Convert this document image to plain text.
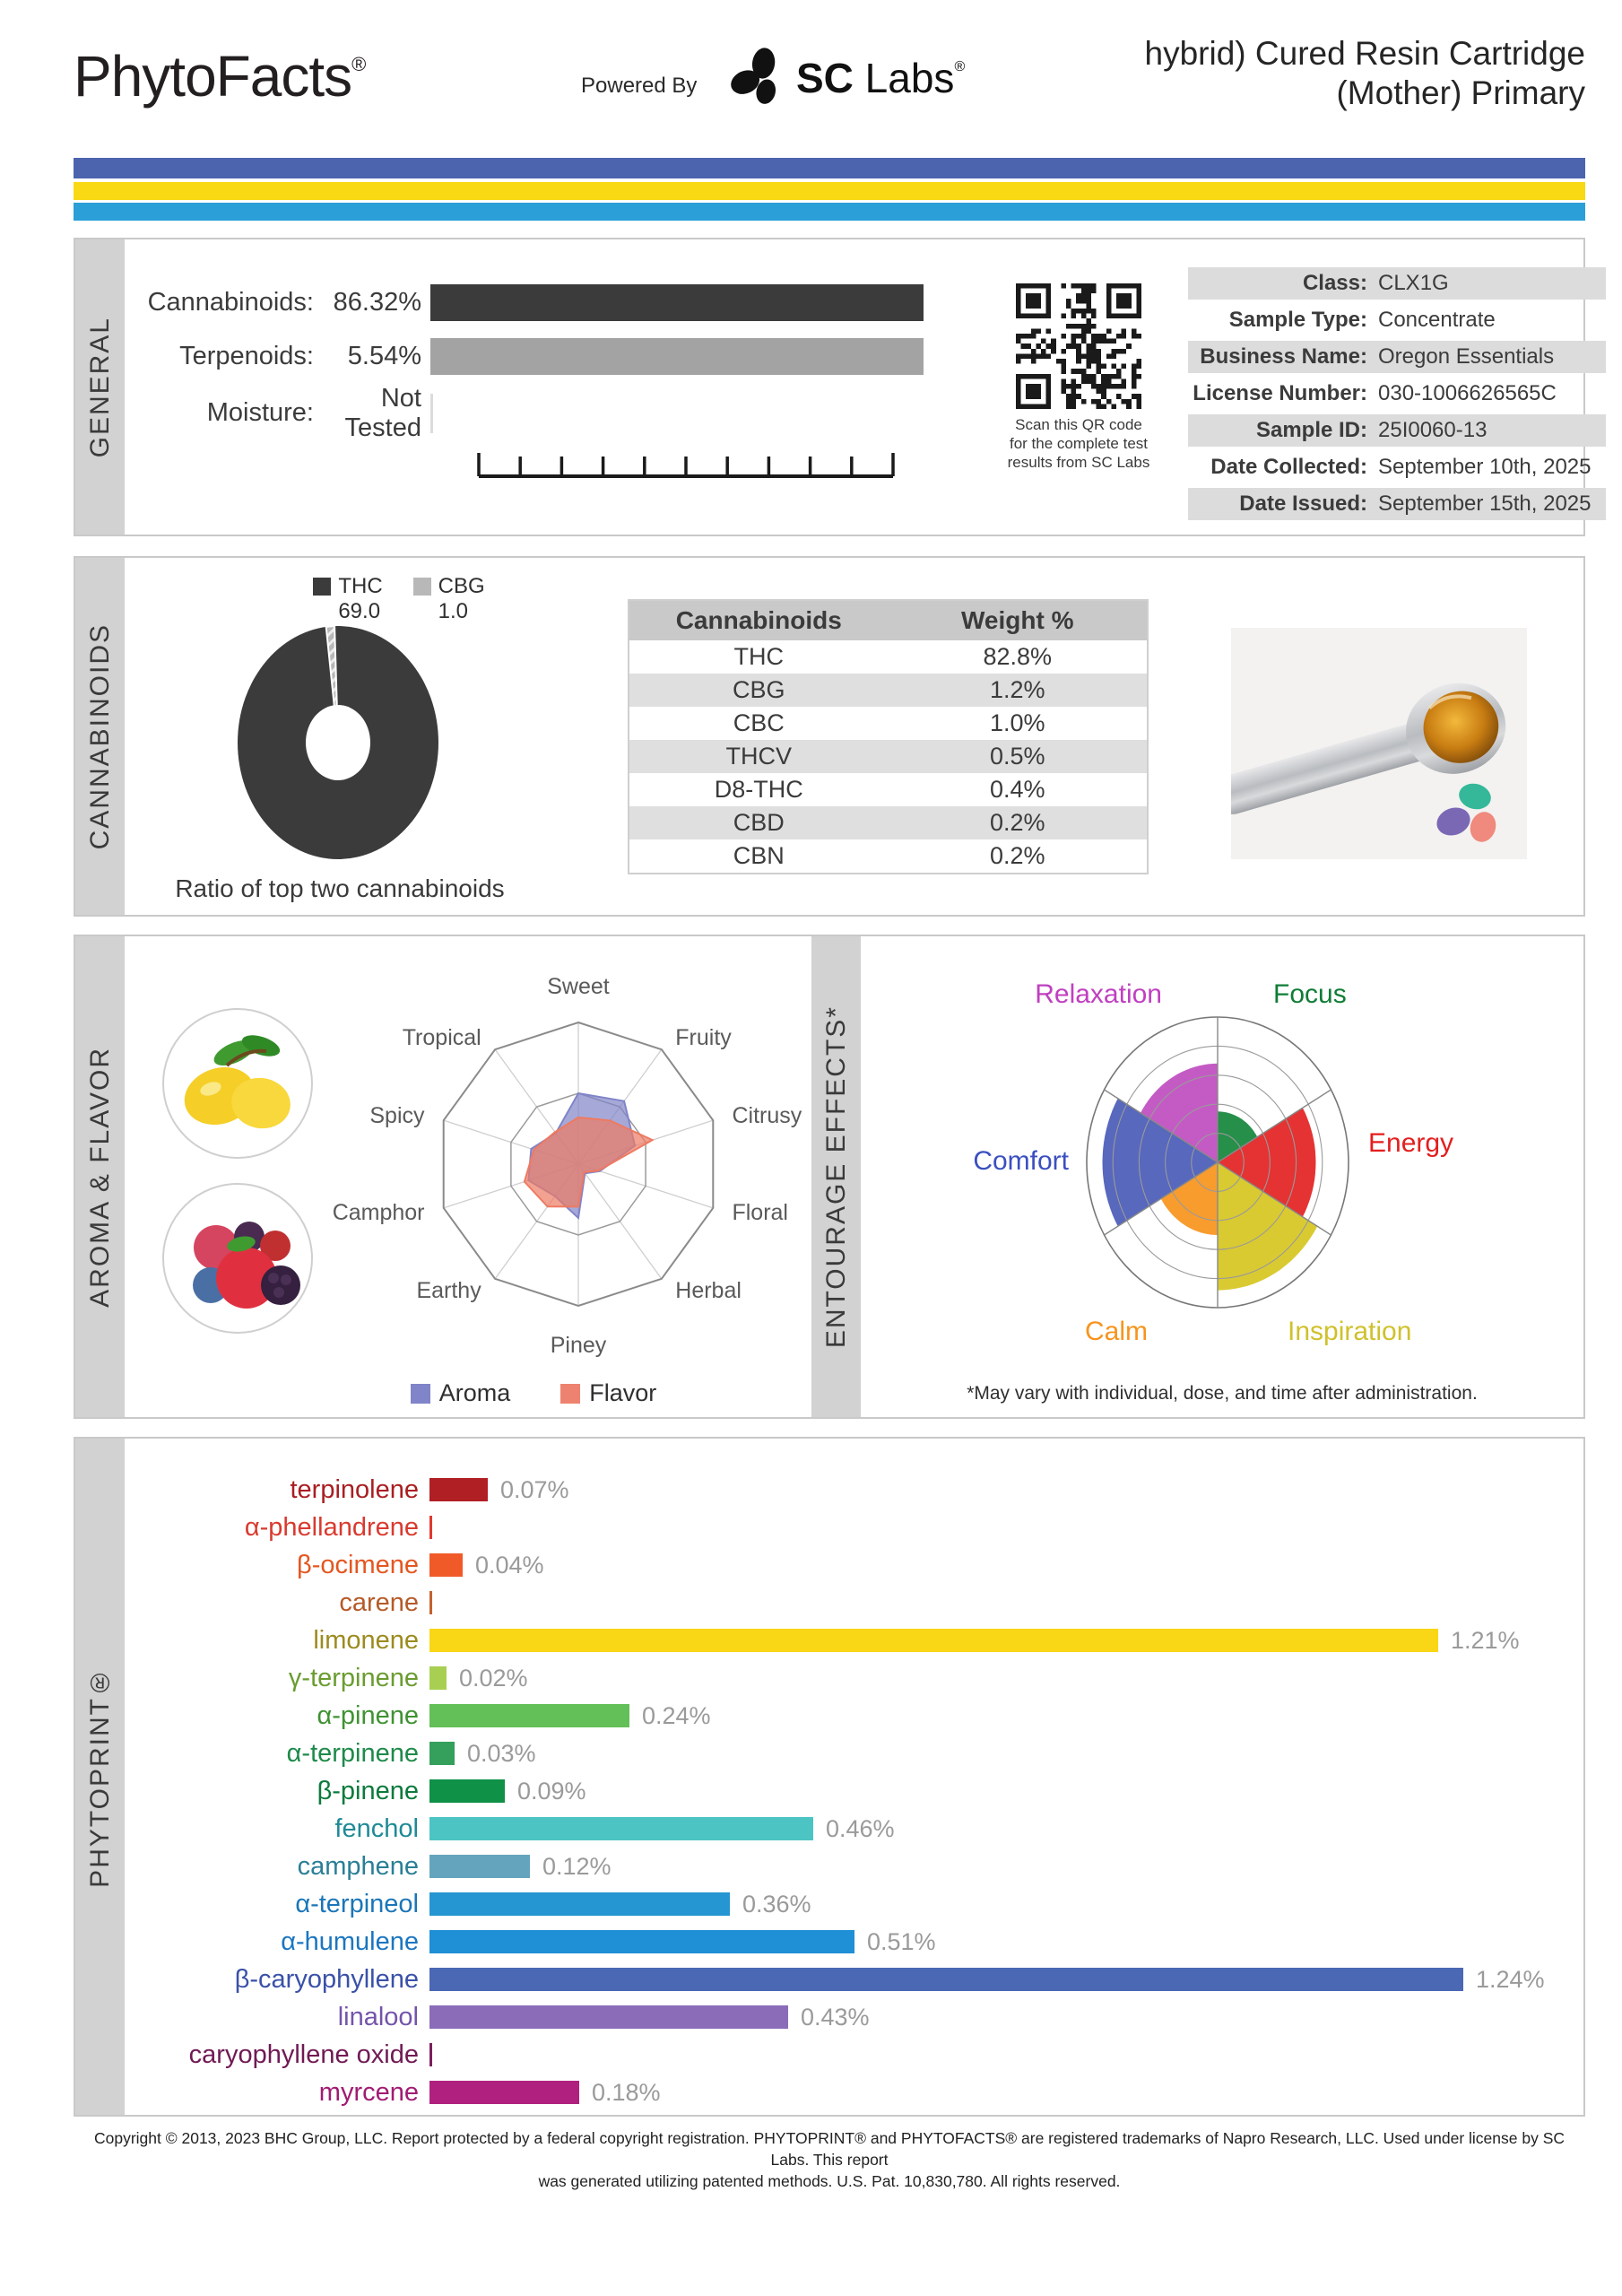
PhytoFacts®
Powered By SC Labs®	hybrid) Cured Resin Cartridge
(Mother) Primary
GENERAL
Cannabinoids: 86.32%
Terpenoids:	5.54%
Moisture:
Not Tested	Scan this QR code
for the complete test
results from SC Labs
Class: CLX1G
Sample Type: Concentrate
Business Name: Oregon Essentials
License Number: 030-1006626565C
Sample ID: 25I0060-13
Date Collected: September 10th, 2025
Date Issued: September 15th, 2025
CANNABINOIDS
THC
69.0
CBG
1.0
Ratio of top two cannabinoids
Cannabinoids	Weight %
THC	82.8%
CBG	1.2%
CBC	1.0%
THCV	0.5%
D8-THC	0.4%
CBD	0.2%
CBN	0.2%
AROMA & FLAVOR
Sweet
Fruity
Citrusy
Floral
Herbal
Piney
Earthy
Camphor
Spicy
Tropical
Aroma	Flavor
ENTOURAGE EFFECTS*
Focus
Energy
Inspiration
Calm
Comfort
Relaxation
*May vary with individual, dose, and time after administration.
PHYTOPRINT®
terpinolene	0.07%
α-phellandrene
β-ocimene 0.04%
carene
limonene	1.21%
γ-terpinene 0.02%
α-pinene	0.24%
α-terpinene 0.03%
β-pinene	0.09%
fenchol	0.46%
camphene	0.12%
α-terpineol	0.36%
α-humulene	0.51%
β-caryophyllene	1.24%
linalool	0.43%
caryophyllene oxide
myrcene	0.18%
Copyright © 2013, 2023 BHC Group, LLC. Report protected by a federal copyright registration. PHYTOPRINT® and PHYTOFACTS® are registered trademarks of Napro Research, LLC. Used under license by SC Labs. This report
was generated utilizing patented methods. U.S. Pat. 10,830,780. All rights reserved.
